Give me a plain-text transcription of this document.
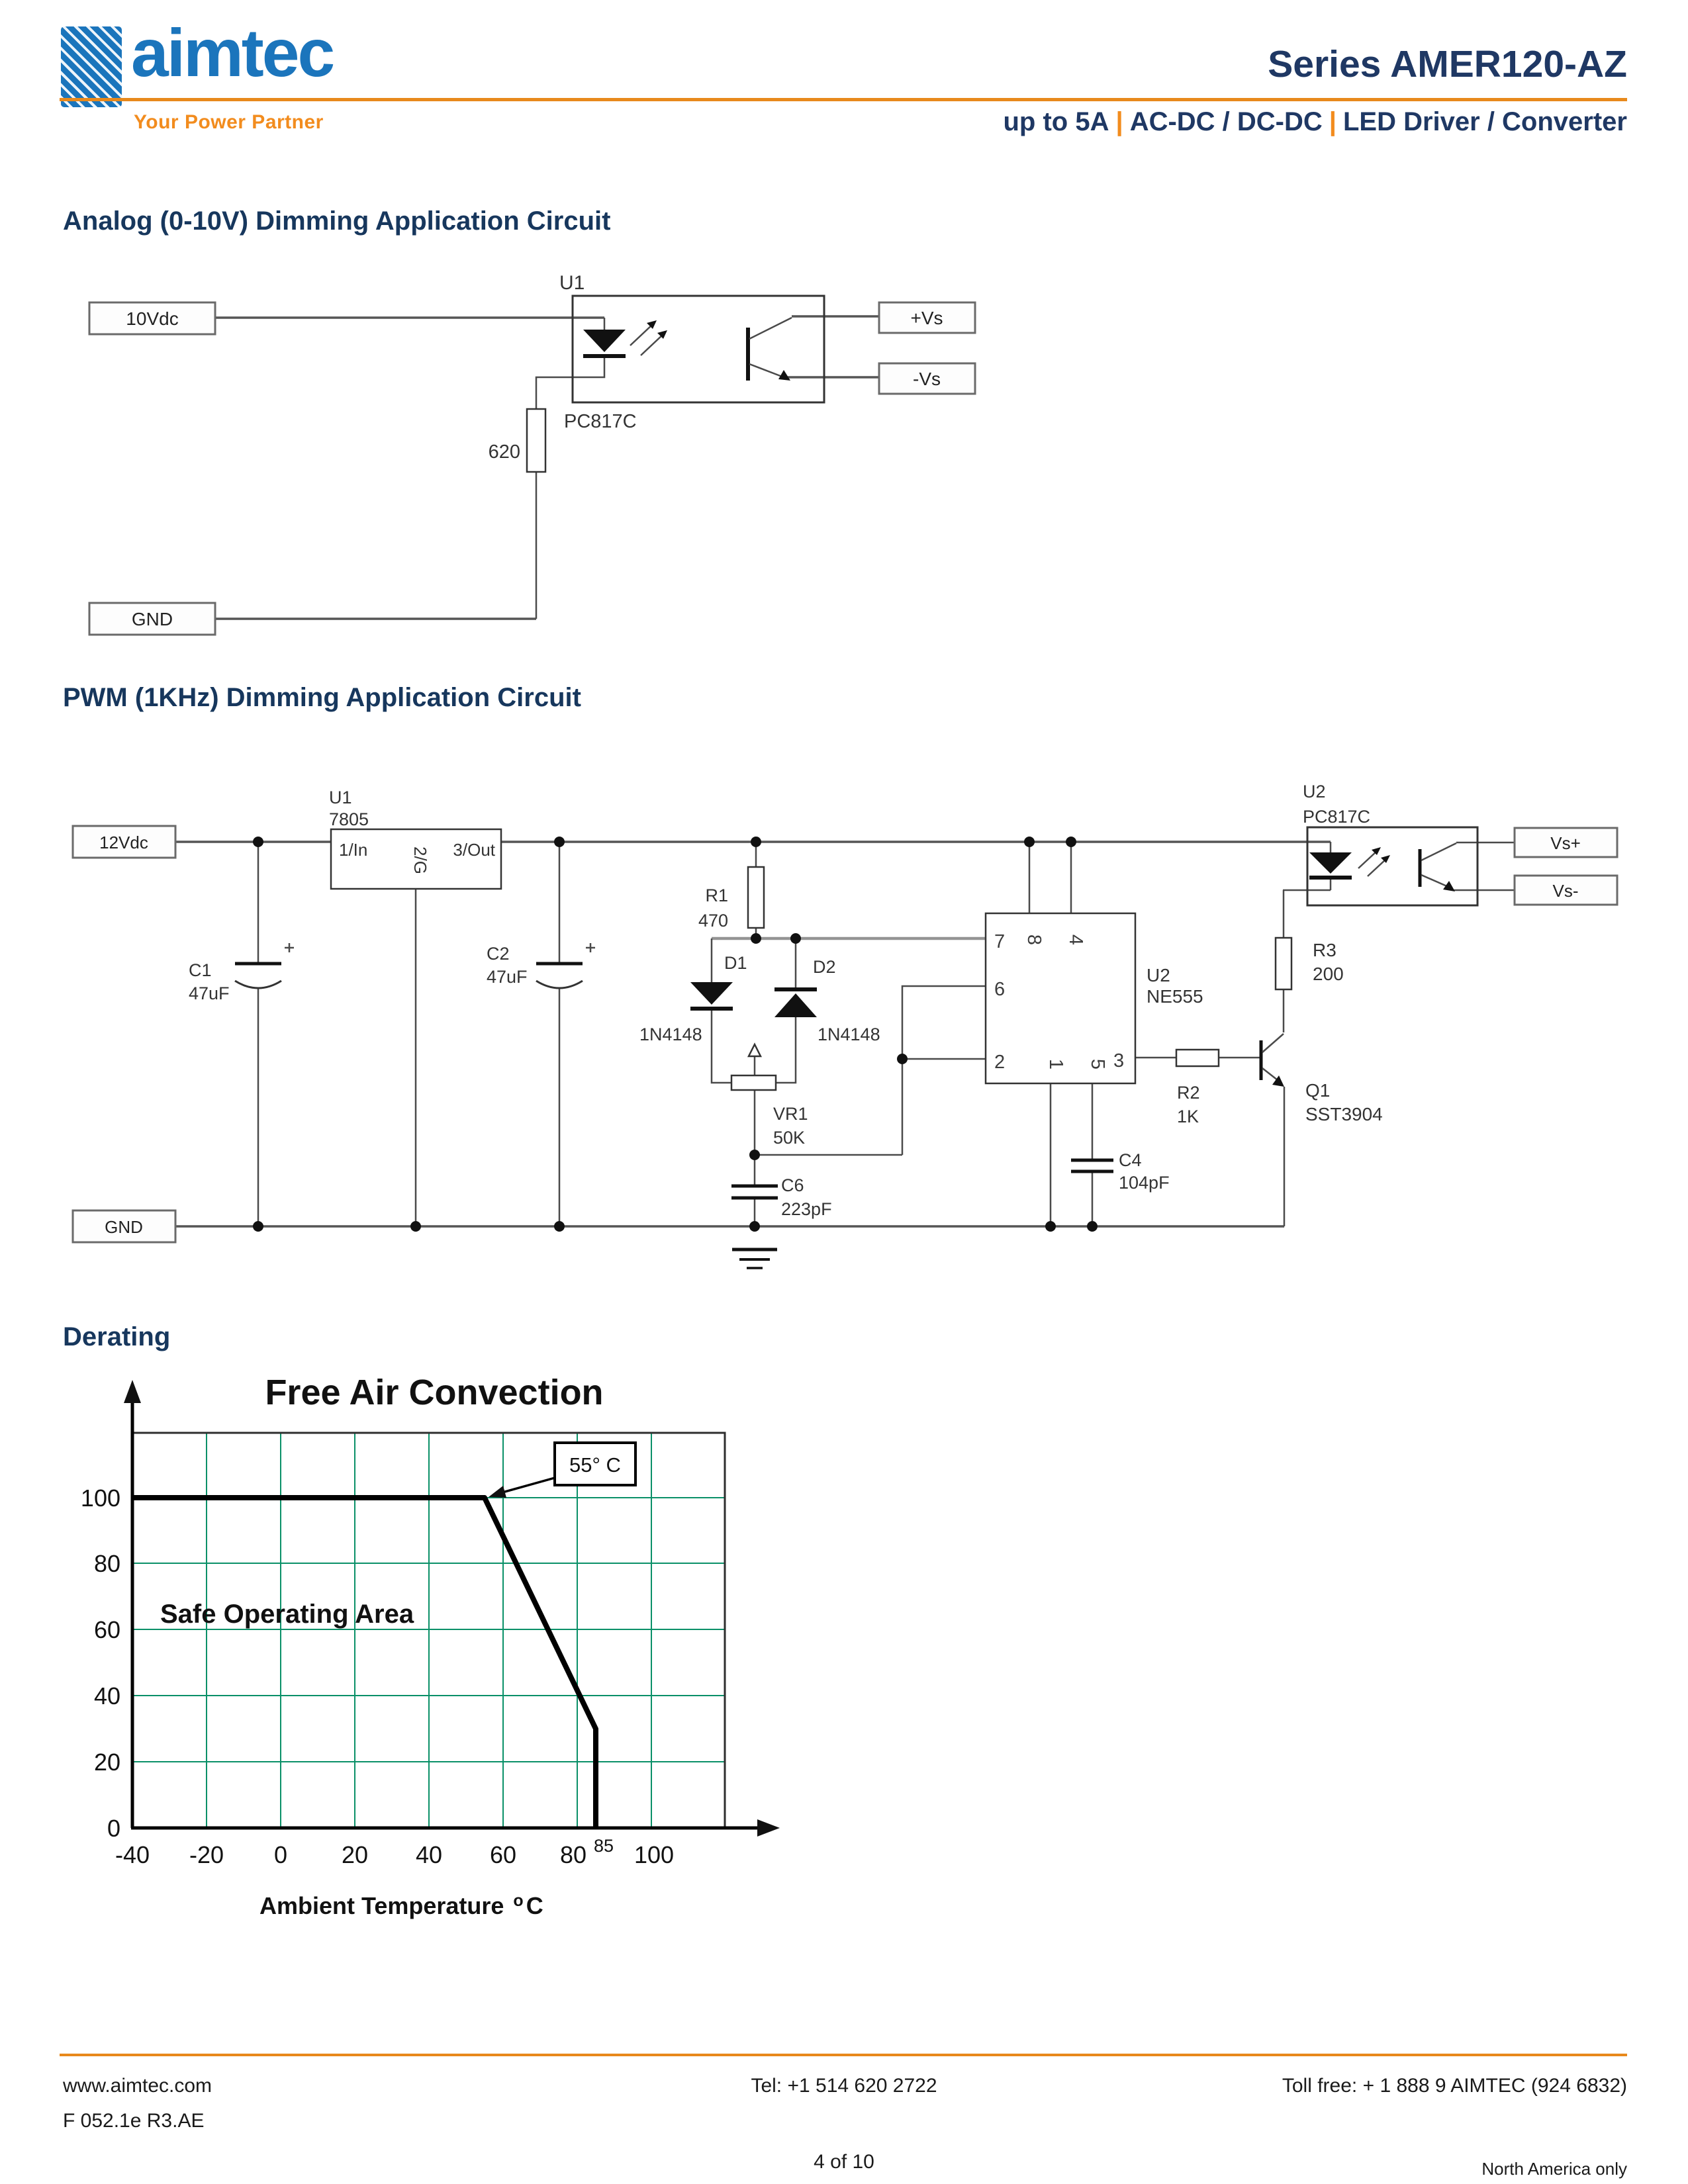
aimtec
Your Power Partner
Series AMER120-AZ
up to 5A | AC-DC / DC-DC | LED Driver / Converter
Analog (0-10V) Dimming Application Circuit
10Vdc	+Vs
-Vs
GND
U1
PC817C
620
PWM (1KHz) Dimming Application Circuit
U1
7805
1/In	3/Out
2/G
C1
47uF
C2
47uF
R1
470
D1
1N4148
D2
1N4148
VR1
50K
C6
223pF
7 8 4
6
2 1 5 3
U2
NE555
C4
104pF
R2
1K
Q1
SST3904
R3
200
U2
PC817C
12Vdc
GND
Vs+
Vs-
Derating
55° C
Free Air Convection
Safe Operating Area
100
80
60
40
20
0
-40 -20 0 20 40 60 80 85 100
Ambient Temperature $^o$ C
www.aimtec.com
F 052.1e R3.AE
Tel: +1 514 620 2722	Toll free: + 1 888 9 AIMTEC (924 6832)
4 of 10	North America only
